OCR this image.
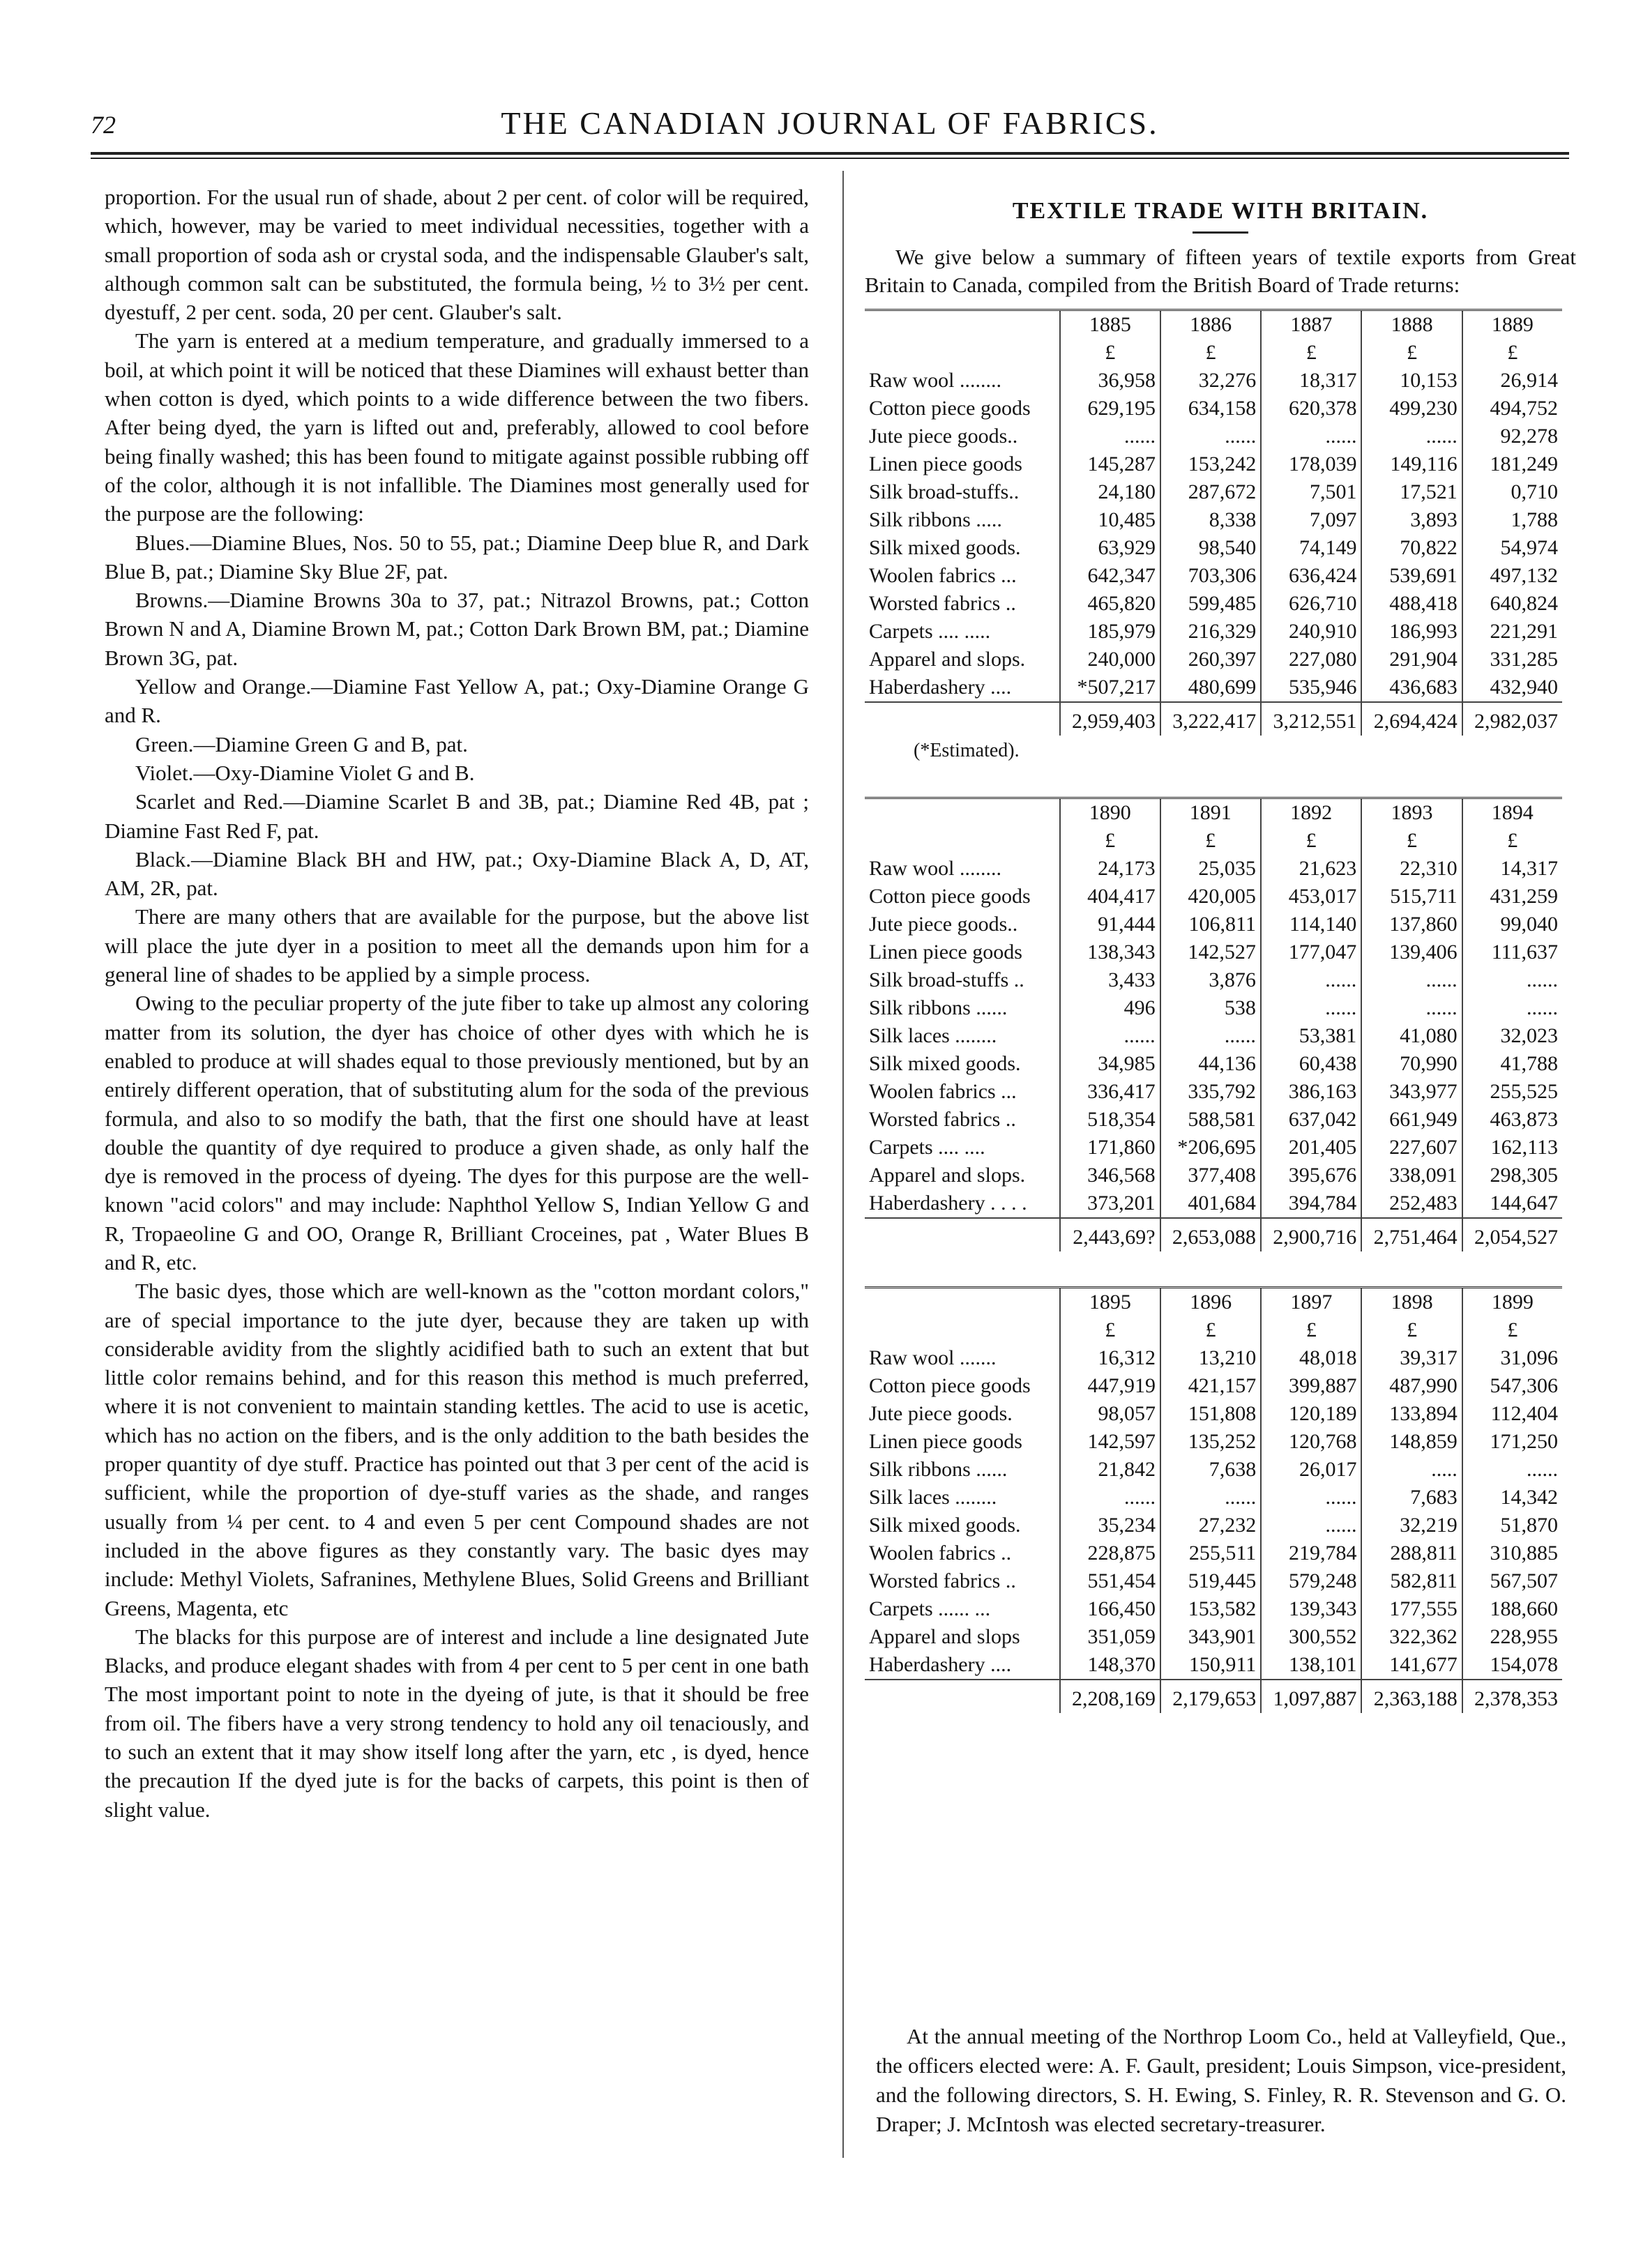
72	THE CANADIAN JOURNAL OF FABRICS.

proportion. For the usual run of shade, about 2 per cent. of color will be required, which, however, may be varied to meet individual necessities, together with a small proportion of soda ash or crystal soda, and the indispensable Glauber's salt, although common salt can be substituted, the formula being, ½ to 3½ per cent. dyestuff, 2 per cent. soda, 20 per cent. Glauber's salt.

The yarn is entered at a medium temperature, and gradually immersed to a boil, at which point it will be noticed that these Diamines will exhaust better than when cotton is dyed, which points to a wide difference between the two fibers. After being dyed, the yarn is lifted out and, preferably, allowed to cool before being finally washed; this has been found to mitigate against possible rubbing off of the color, although it is not infallible. The Diamines most generally used for the purpose are the following:

Blues.—Diamine Blues, Nos. 50 to 55, pat.; Diamine Deep blue R, and Dark Blue B, pat.; Diamine Sky Blue 2F, pat.

Browns.—Diamine Browns 30a to 37, pat.; Nitrazol Browns, pat.; Cotton Brown N and A, Diamine Brown M, pat.; Cotton Dark Brown BM, pat.; Diamine Brown 3G, pat.

Yellow and Orange.—Diamine Fast Yellow A, pat.; Oxy-Diamine Orange G and R.

Green.—Diamine Green G and B, pat.

Violet.—Oxy-Diamine Violet G and B.

Scarlet and Red.—Diamine Scarlet B and 3B, pat.; Diamine Red 4B, pat ; Diamine Fast Red F, pat.

Black.—Diamine Black BH and HW, pat.; Oxy-Diamine Black A, D, AT, AM, 2R, pat.

There are many others that are available for the purpose, but the above list will place the jute dyer in a position to meet all the demands upon him for a general line of shades to be applied by a simple process.

Owing to the peculiar property of the jute fiber to take up almost any coloring matter from its solution, the dyer has choice of other dyes with which he is enabled to produce at will shades equal to those previously mentioned, but by an entirely different operation, that of substituting alum for the soda of the previous formula, and also to so modify the bath, that the first one should have at least double the quantity of dye required to produce a given shade, as only half the dye is removed in the process of dyeing. The dyes for this purpose are the well-known "acid colors" and may include: Naphthol Yellow S, Indian Yellow G and R, Tropaeoline G and OO, Orange R, Brilliant Croceines, pat , Water Blues B and R, etc.

The basic dyes, those which are well-known as the "cotton mordant colors," are of special importance to the jute dyer, because they are taken up with considerable avidity from the slightly acidified bath to such an extent that but little color remains behind, and for this reason this method is much preferred, where it is not convenient to maintain standing kettles. The acid to use is acetic, which has no action on the fibers, and is the only addition to the bath besides the proper quantity of dye stuff. Practice has pointed out that 3 per cent of the acid is sufficient, while the proportion of dye-stuff varies as the shade, and ranges usually from ¼ per cent. to 4 and even 5 per cent Compound shades are not included in the above figures as they constantly vary. The basic dyes may include: Methyl Violets, Safranines, Methylene Blues, Solid Greens and Brilliant Greens, Magenta, etc

The blacks for this purpose are of interest and include a line designated Jute Blacks, and produce elegant shades with from 4 per cent to 5 per cent in one bath The most important point to note in the dyeing of jute, is that it should be free from oil. The fibers have a very strong tendency to hold any oil tenaciously, and to such an extent that it may show itself long after the yarn, etc , is dyed, hence the precaution If the dyed jute is for the backs of carpets, this point is then of slight value.

TEXTILE TRADE WITH BRITAIN.

We give below a summary of fifteen years of textile exports from Great Britain to Canada, compiled from the British Board of Trade returns:

	1885	1886	1887	1888	1889
	£	£	£	£	£
Raw wool ........	36,958	32,276	18,317	10,153	26,914
Cotton piece goods	629,195	634,158	620,378	499,230	494,752
Jute piece goods..	......	......	......	......	92,278
Linen piece goods	145,287	153,242	178,039	149,116	181,249
Silk broad-stuffs..	24,180	287,672	7,501	17,521	0,710
Silk ribbons .....	10,485	8,338	7,097	3,893	1,788
Silk mixed goods.	63,929	98,540	74,149	70,822	54,974
Woolen fabrics ...	642,347	703,306	636,424	539,691	497,132
Worsted fabrics ..	465,820	599,485	626,710	488,418	640,824
Carpets .... .....	185,979	216,329	240,910	186,993	221,291
Apparel and slops.	240,000	260,397	227,080	291,904	331,285
Haberdashery ....	*507,217	480,699	535,946	436,683	432,940
	2,959,403	3,222,417	3,212,551	2,694,424	2,982,037
(*Estimated).
	1890	1891	1892	1893	1894
	£	£	£	£	£
Raw wool ........	24,173	25,035	21,623	22,310	14,317
Cotton piece goods	404,417	420,005	453,017	515,711	431,259
Jute piece goods..	91,444	106,811	114,140	137,860	99,040
Linen piece goods	138,343	142,527	177,047	139,406	111,637
Silk broad-stuffs ..	3,433	3,876	......	......	......
Silk ribbons ......	496	538	......	......	......
Silk laces ........	......	......	53,381	41,080	32,023
Silk mixed goods.	34,985	44,136	60,438	70,990	41,788
Woolen fabrics ...	336,417	335,792	386,163	343,977	255,525
Worsted fabrics ..	518,354	588,581	637,042	661,949	463,873
Carpets .... ....	171,860	*206,695	201,405	227,607	162,113
Apparel and slops.	346,568	377,408	395,676	338,091	298,305
Haberdashery . . . .	373,201	401,684	394,784	252,483	144,647
	2,443,69?	2,653,088	2,900,716	2,751,464	2,054,527
	1895	1896	1897	1898	1899
	£	£	£	£	£
Raw wool .......	16,312	13,210	48,018	39,317	31,096
Cotton piece goods	447,919	421,157	399,887	487,990	547,306
Jute piece goods.	98,057	151,808	120,189	133,894	112,404
Linen piece goods	142,597	135,252	120,768	148,859	171,250
Silk ribbons ......	21,842	7,638	26,017	.....	......
Silk laces ........	......	......	......	7,683	14,342
Silk mixed goods.	35,234	27,232	......	32,219	51,870
Woolen fabrics ..	228,875	255,511	219,784	288,811	310,885
Worsted fabrics ..	551,454	519,445	579,248	582,811	567,507
Carpets ...... ...	166,450	153,582	139,343	177,555	188,660
Apparel and slops	351,059	343,901	300,552	322,362	228,955
Haberdashery ....	148,370	150,911	138,101	141,677	154,078
	2,208,169	2,179,653	1,097,887	2,363,188	2,378,353

At the annual meeting of the Northrop Loom Co., held at Valleyfield, Que., the officers elected were: A. F. Gault, president; Louis Simpson, vice-president, and the following directors, S. H. Ewing, S. Finley, R. R. Stevenson and G. O. Draper; J. McIntosh was elected secretary-treasurer.
